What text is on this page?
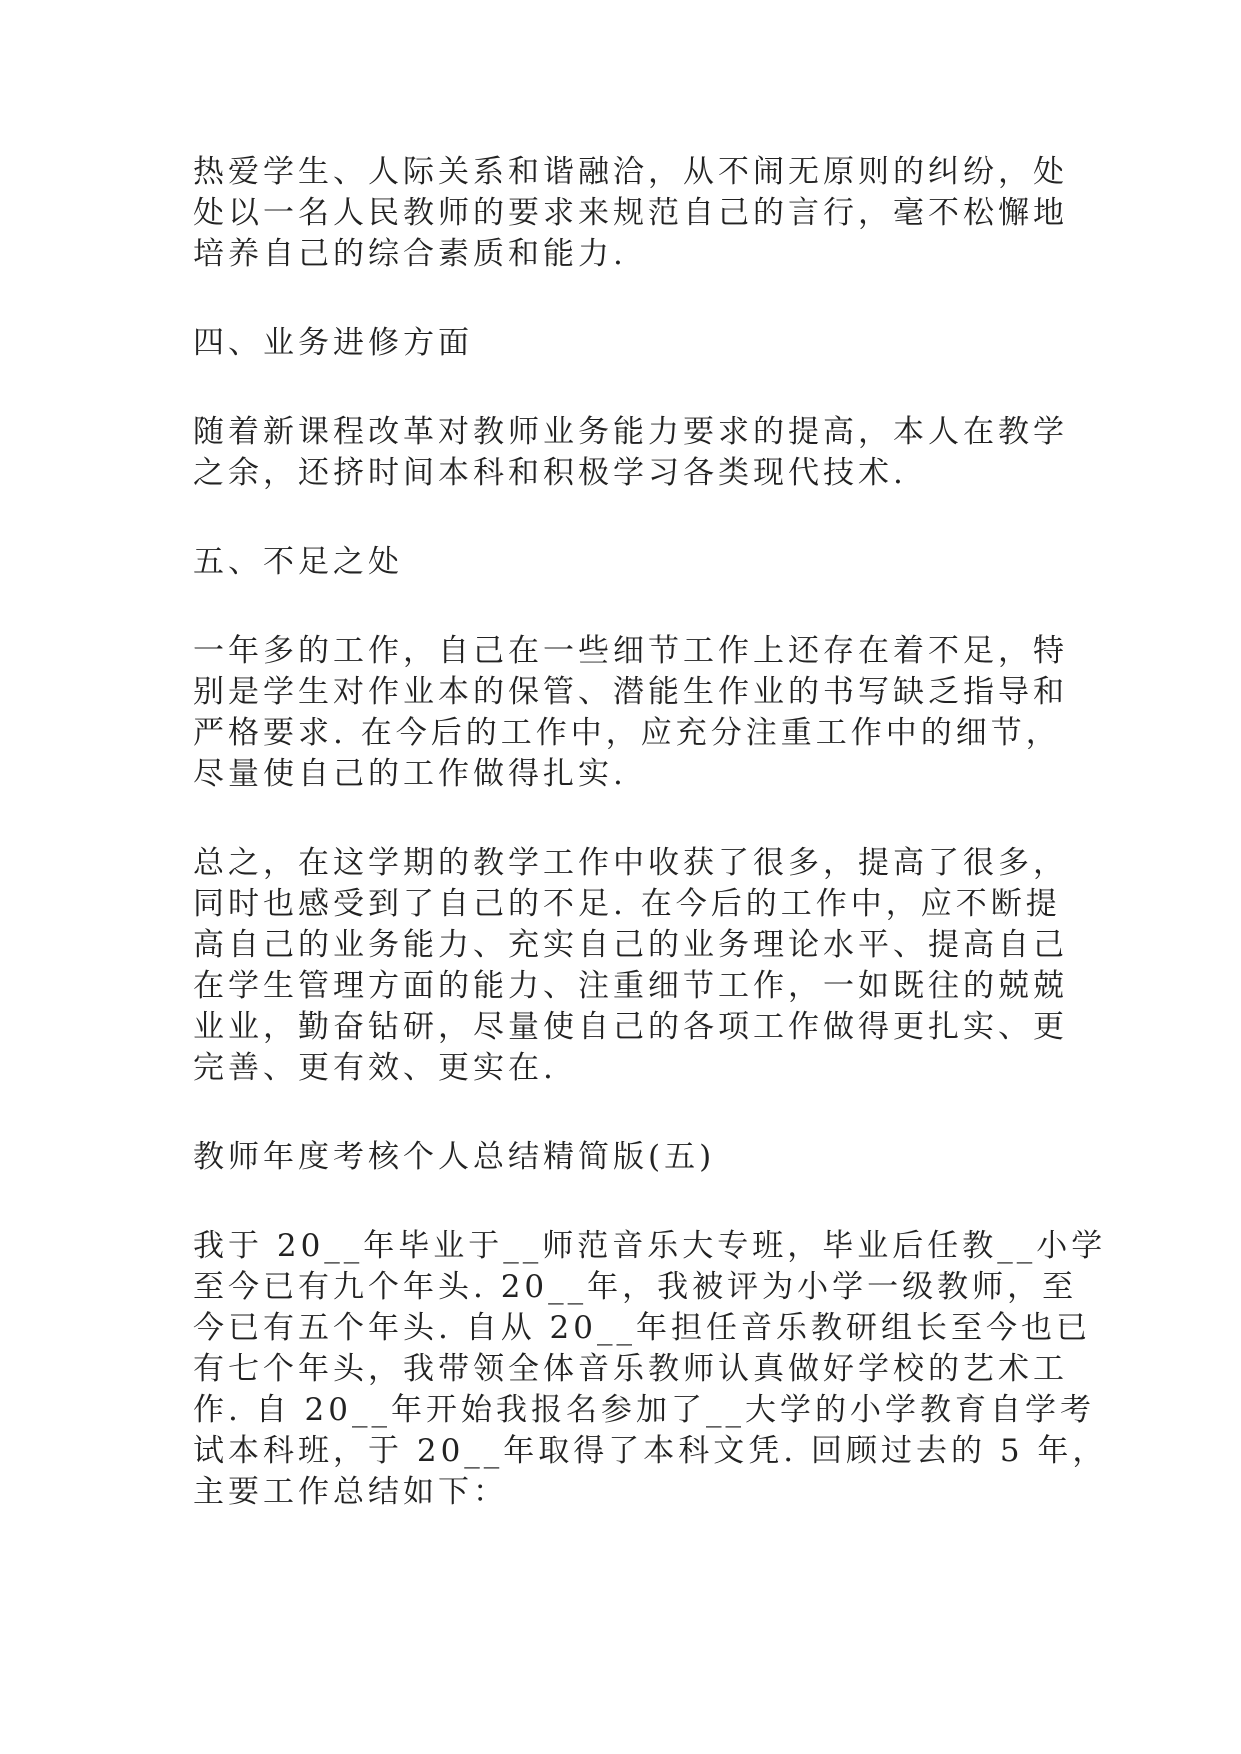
热爱学生、人际关系和谐融洽，从不闹无原则的纠纷，处
处以一名人民教师的要求来规范自己的言行，毫不松懈地
培养自己的综合素质和能力.
四、业务进修方面
随着新课程改革对教师业务能力要求的提高，本人在教学
之余，还挤时间本科和积极学习各类现代技术.
五、不足之处
一年多的工作，自己在一些细节工作上还存在着不足，特
别是学生对作业本的保管、潜能生作业的书写缺乏指导和
严格要求. 在今后的工作中，应充分注重工作中的细节，
尽量使自己的工作做得扎实.
总之，在这学期的教学工作中收获了很多，提高了很多，
同时也感受到了自己的不足. 在今后的工作中，应不断提
高自己的业务能力、充实自己的业务理论水平、提高自己
在学生管理方面的能力、注重细节工作，一如既往的兢兢
业业，勤奋钻研，尽量使自己的各项工作做得更扎实、更
完善、更有效、更实在.
教师年度考核个人总结精简版(五)
我于 20__年毕业于__师范音乐大专班，毕业后任教__小学
至今已有九个年头. 20__年，我被评为小学一级教师，至
今已有五个年头. 自从 20__年担任音乐教研组长至今也已
有七个年头，我带领全体音乐教师认真做好学校的艺术工
作. 自 20__年开始我报名参加了__大学的小学教育自学考
试本科班，于 20__年取得了本科文凭. 回顾过去的 5 年，
主要工作总结如下：
